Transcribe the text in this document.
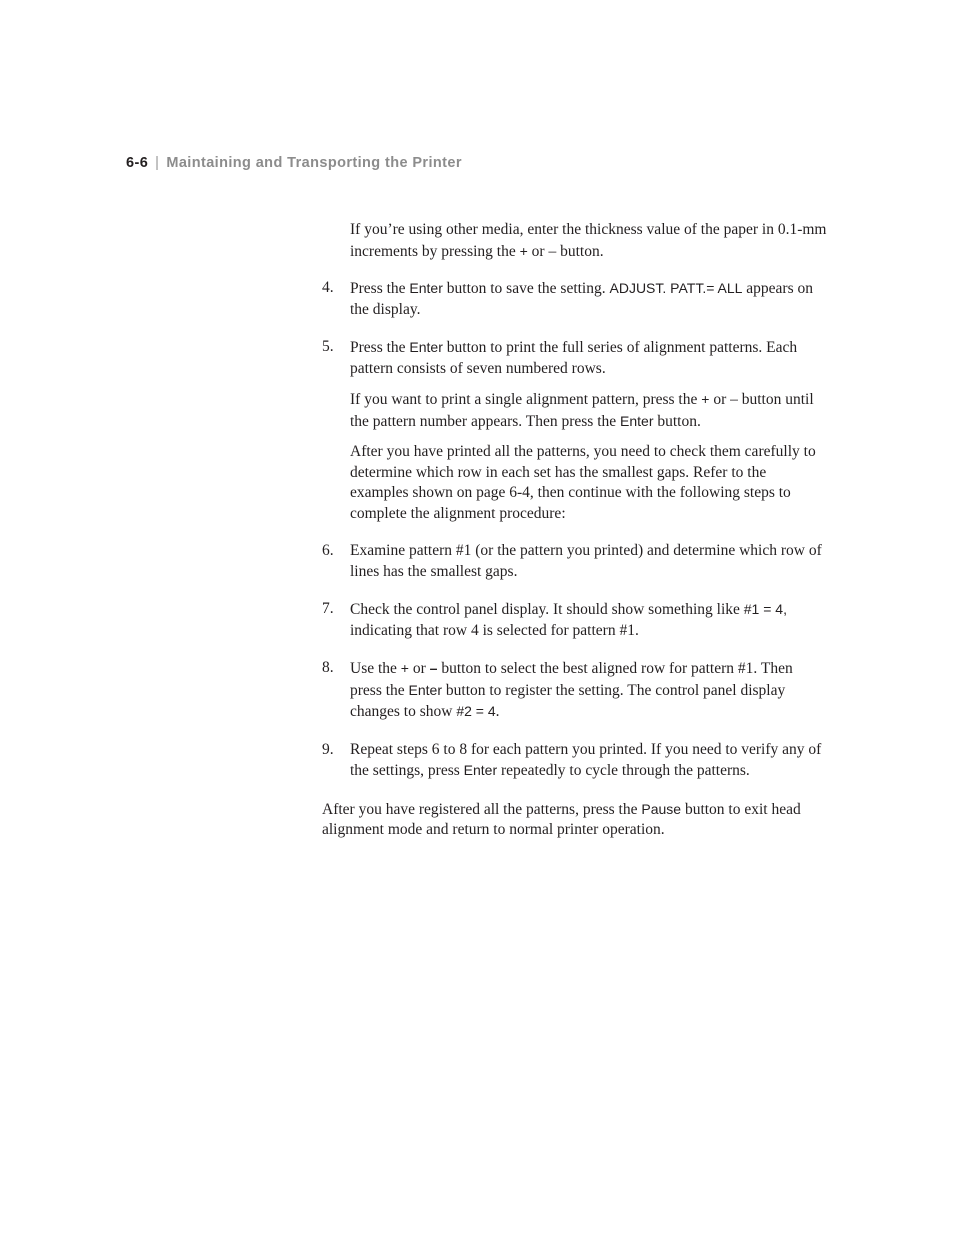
6-6 | Maintaining and Transporting the Printer

If you’re using other media, enter the thickness value of the paper in 0.1-mm increments by pressing the + or – button.

4. Press the Enter button to save the setting. ADJUST. PATT.= ALL appears on the display.

5. Press the Enter button to print the full series of alignment patterns. Each pattern consists of seven numbered rows.

If you want to print a single alignment pattern, press the + or – button until the pattern number appears. Then press the Enter button.

After you have printed all the patterns, you need to check them carefully to determine which row in each set has the smallest gaps. Refer to the examples shown on page 6-4, then continue with the following steps to complete the alignment procedure:

6. Examine pattern #1 (or the pattern you printed) and determine which row of lines has the smallest gaps.

7. Check the control panel display. It should show something like #1 = 4, indicating that row 4 is selected for pattern #1.

8. Use the + or – button to select the best aligned row for pattern #1. Then press the Enter button to register the setting. The control panel display changes to show #2 = 4.

9. Repeat steps 6 to 8 for each pattern you printed. If you need to verify any of the settings, press Enter repeatedly to cycle through the patterns.

After you have registered all the patterns, press the Pause button to exit head alignment mode and return to normal printer operation.
